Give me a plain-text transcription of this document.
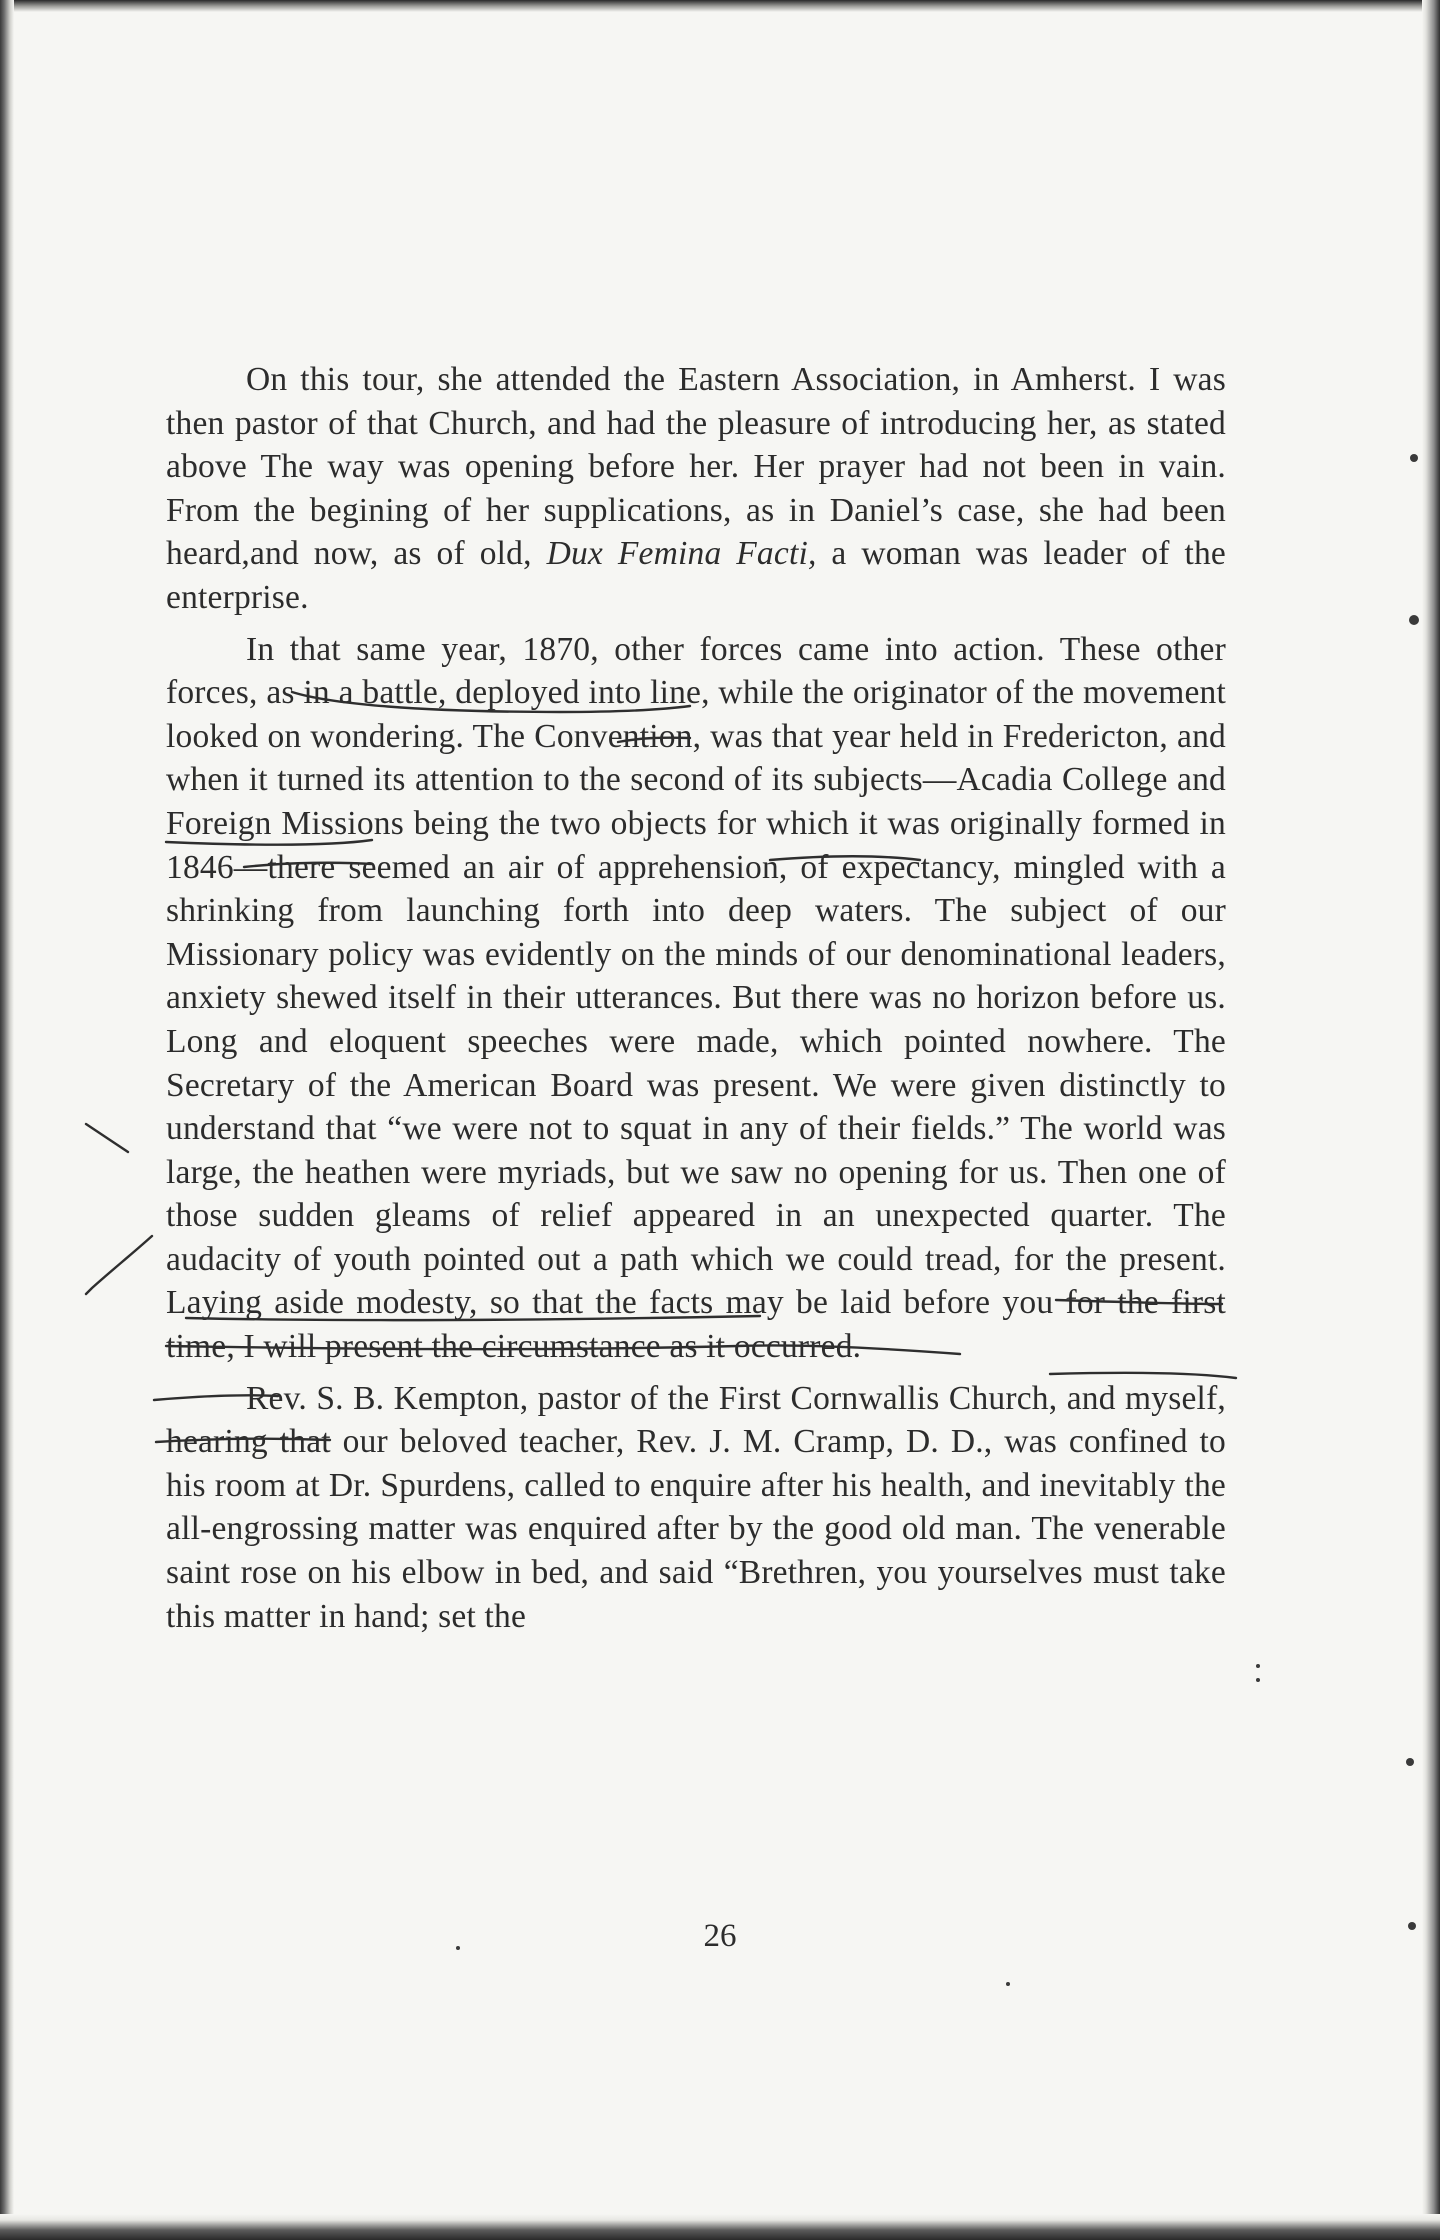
On this tour, she attended the Eastern Association, in Amherst. I was then pastor of that Church, and had the pleasure of introducing her, as stated above The way was opening before her. Her prayer had not been in vain. From the begining of her supplications, as in Daniel’s case, she had been heard,and now, as of old, Dux Femina Facti, a woman was leader of the enterprise.

In that same year, 1870, other forces came into action. These other forces, as in a battle, deployed into line, while the originator of the movement looked on wondering. The Convention, was that year held in Fredericton, and when it turned its attention to the second of its subjects—Acadia College and Foreign Missions being the two objects for which it was originally formed in 1846—there seemed an air of apprehension, of expectancy, mingled with a shrinking from launching forth into deep waters. The subject of our Missionary policy was evidently on the minds of our denominational leaders, anxiety shewed itself in their utterances. But there was no horizon before us. Long and eloquent speeches were made, which pointed nowhere. The Secretary of the American Board was present. We were given distinctly to understand that “we were not to squat in any of their fields.” The world was large, the heathen were myriads, but we saw no opening for us. Then one of those sudden gleams of relief appeared in an unexpected quarter. The audacity of youth pointed out a path which we could tread, for the present. Laying aside modesty, so that the facts may be laid before you for the first time, I will present the circumstance as it occurred.

Rev. S. B. Kempton, pastor of the First Cornwallis Church, and myself, hearing that our beloved teacher, Rev. J. M. Cramp, D. D., was confined to his room at Dr. Spurdens, called to enquire after his health, and inevitably the all-engrossing matter was enquired after by the good old man. The venerable saint rose on his elbow in bed, and said “Brethren, you yourselves must take this matter in hand; set the

26
